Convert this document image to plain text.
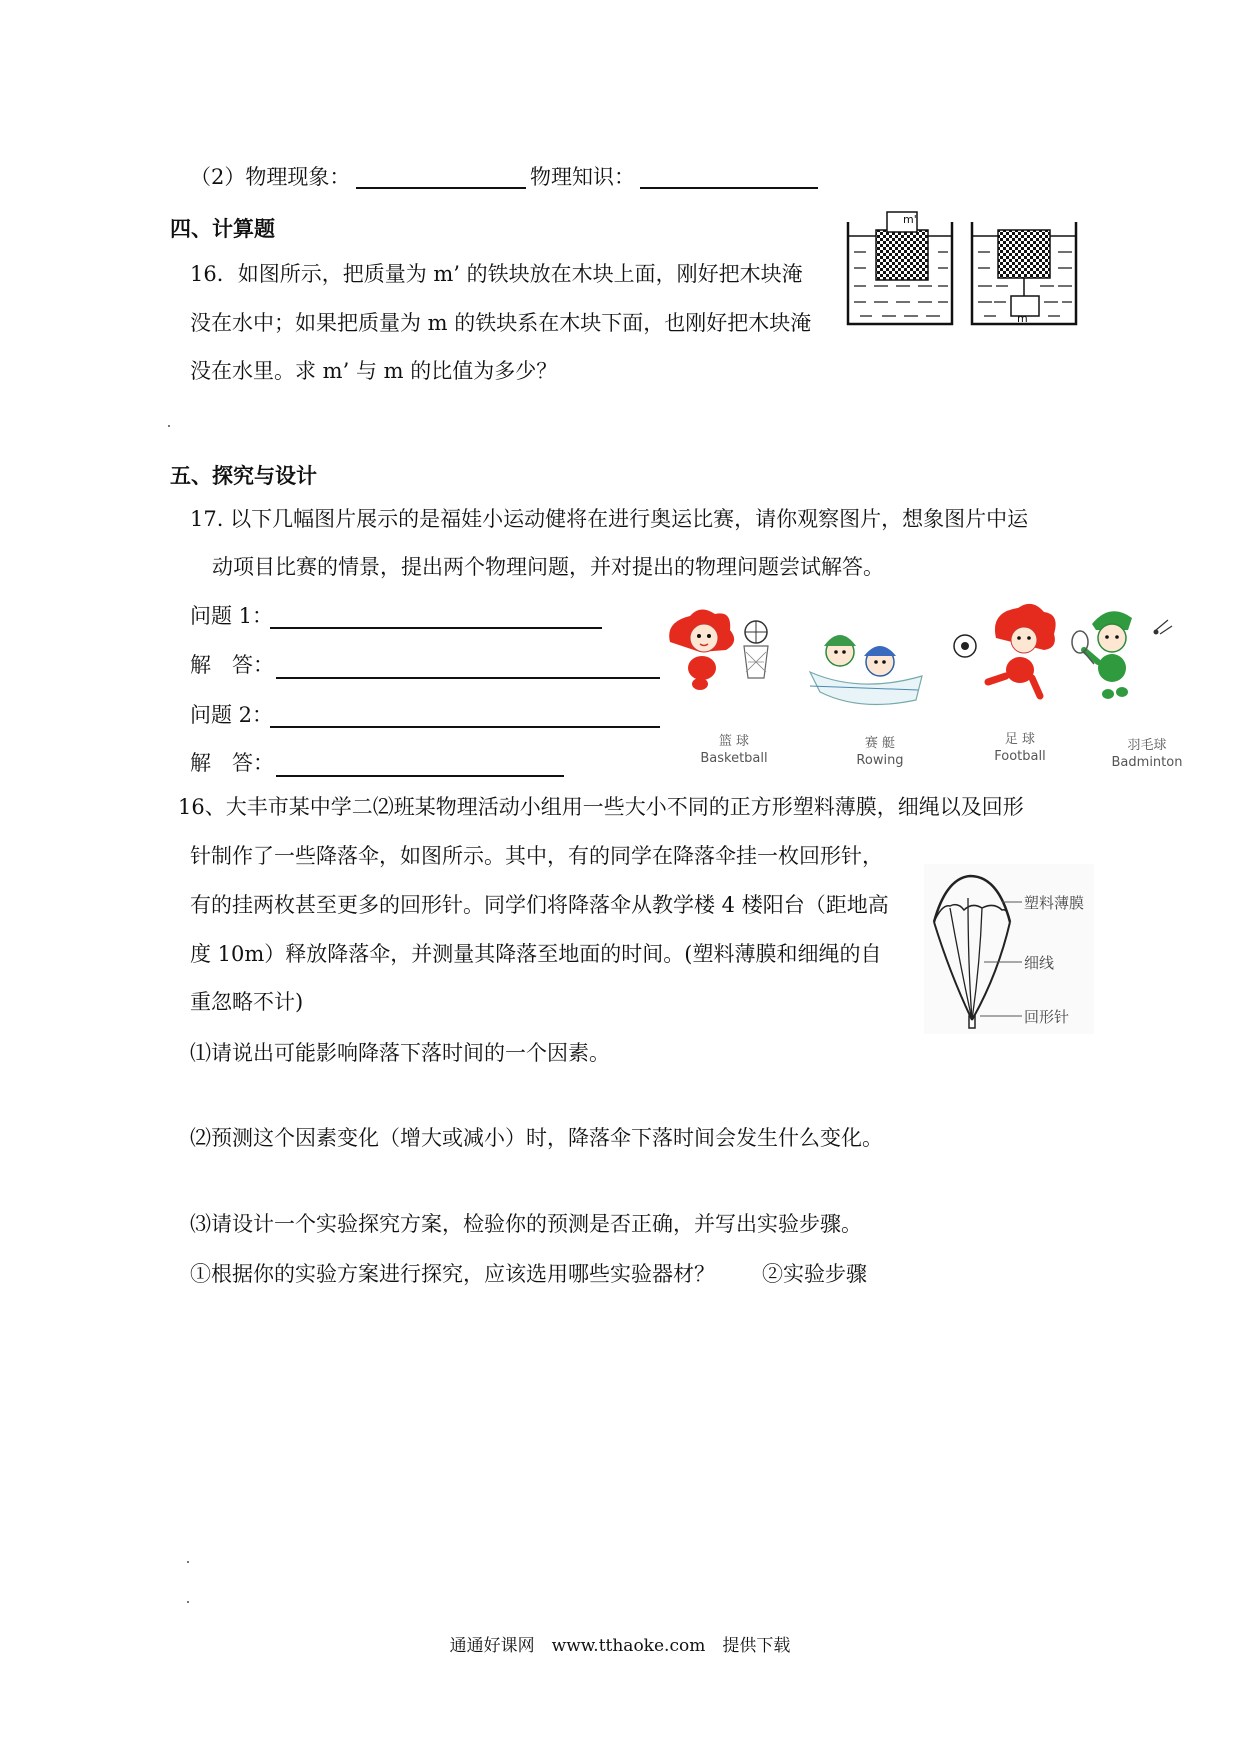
（2）物理现象：	物理知识：
四、计算题
16．如图所示，把质量为 m’ 的铁块放在木块上面，刚好把木块淹
没在水中；如果把质量为 m 的铁块系在木块下面，也刚好把木块淹
没在水里。求 m’ 与 m 的比值为多少？
m'
m
五、探究与设计
17. 以下几幅图片展示的是福娃小运动健将在进行奥运比赛，请你观察图片，想象图片中运
动项目比赛的情景，提出两个物理问题，并对提出的物理问题尝试解答。
问题 1：
解　答：
问题 2：
解　答：
篮 球
Basketball
赛 艇
Rowing
足 球
Football
羽毛球
Badminton
16、大丰市某中学二⑵班某物理活动小组用一些大小不同的正方形塑料薄膜，细绳以及回形
针制作了一些降落伞，如图所示。其中，有的同学在降落伞挂一枚回形针，
有的挂两枚甚至更多的回形针。同学们将降落伞从教学楼 4 楼阳台（距地高
度 10m）释放降落伞，并测量其降落至地面的时间。(塑料薄膜和细绳的自
重忽略不计)
塑料薄膜
细线
回形针
⑴请说出可能影响降落下落时间的一个因素。
⑵预测这个因素变化（增大或减小）时，降落伞下落时间会发生什么变化。
⑶请设计一个实验探究方案，检验你的预测是否正确，并写出实验步骤。
①根据你的实验方案进行探究，应该选用哪些实验器材？ ②实验步骤
通通好课网　www.tthaoke.com　提供下载
